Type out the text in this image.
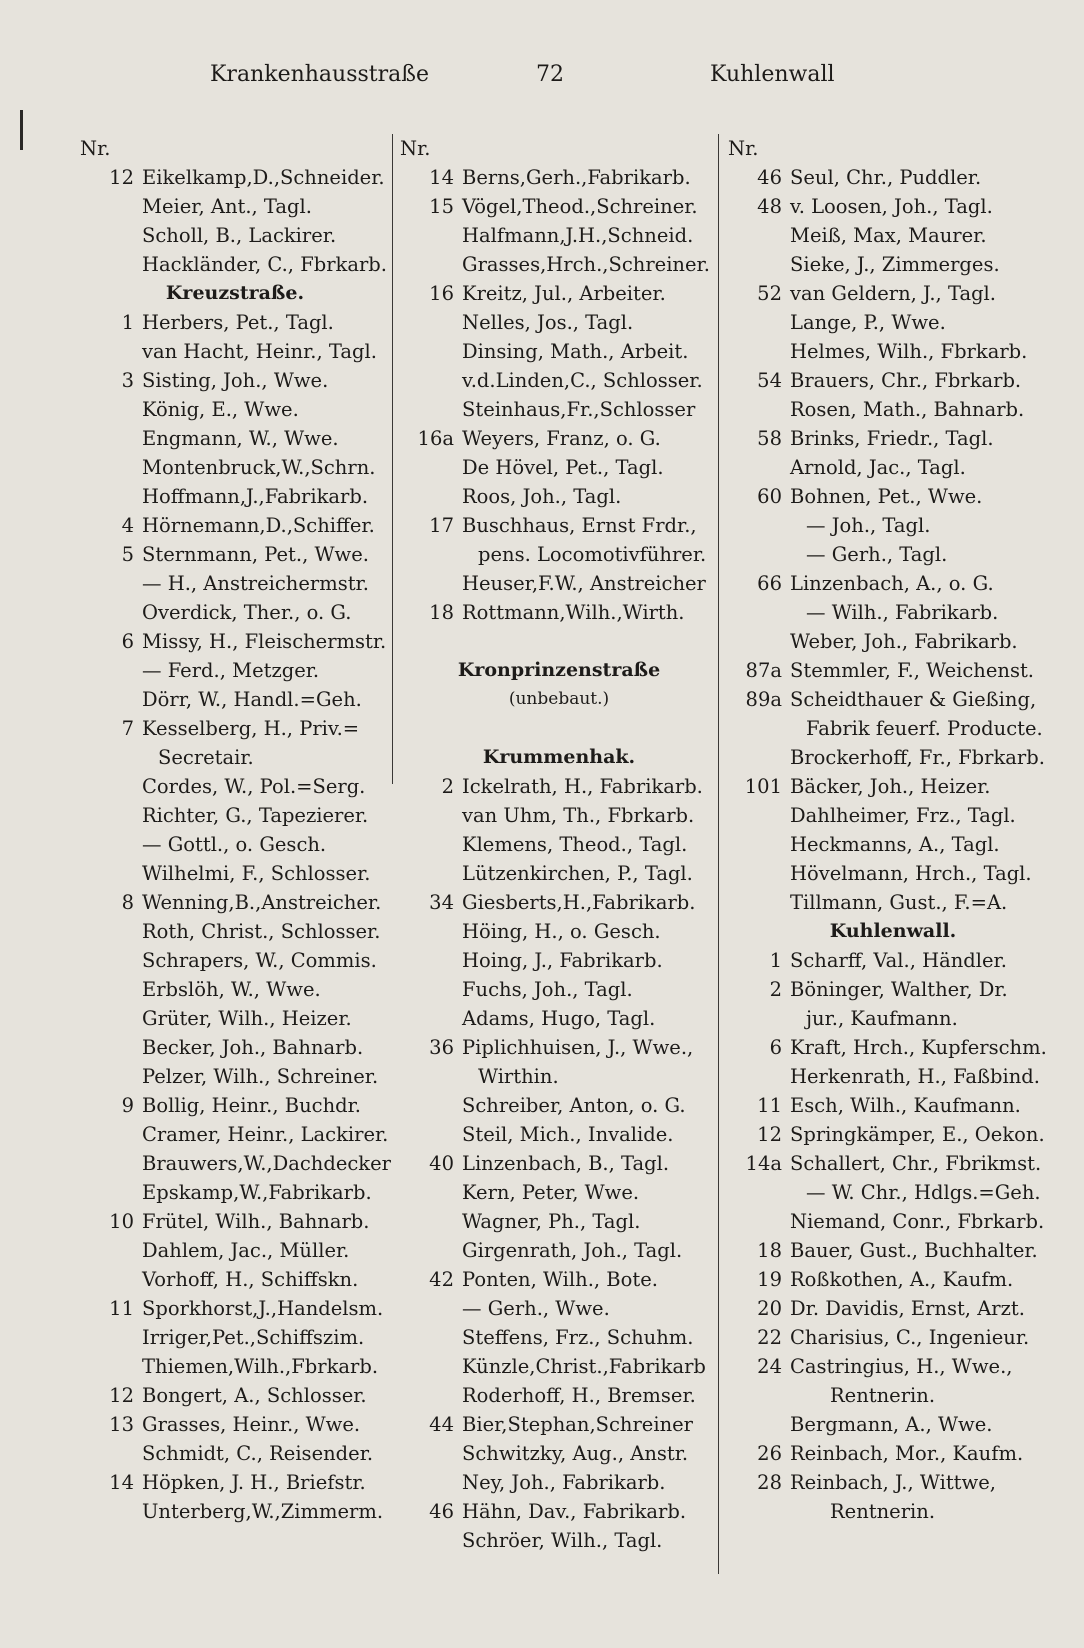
Krankenhausstraße	72	Kuhlenwall
Nr.
12 Eikelkamp,D.,Schneider.
Meier, Ant., Tagl.
Scholl, B., Lackirer.
Hackländer, C., Fbrkarb.
Kreuzstraße.
1 Herbers, Pet., Tagl.
van Hacht, Heinr., Tagl.
3 Sisting, Joh., Wwe.
König, E., Wwe.
Engmann, W., Wwe.
Montenbruck,W.,Schrn.
Hoffmann,J.,Fabrikarb.
4 Hörnemann,D.,Schiffer.
5 Sternmann, Pet., Wwe.
— H., Anstreichermstr.
Overdick, Ther., o. G.
6 Missy, H., Fleischermstr.
— Ferd., Metzger.
Dörr, W., Handl.=Geh.
7 Kesselberg, H., Priv.=
Secretair.
Cordes, W., Pol.=Serg.
Richter, G., Tapezierer.
— Gottl., o. Gesch.
Wilhelmi, F., Schlosser.
8 Wenning,B.,Anstreicher.
Roth, Christ., Schlosser.
Schrapers, W., Commis.
Erbslöh, W., Wwe.
Grüter, Wilh., Heizer.
Becker, Joh., Bahnarb.
Pelzer, Wilh., Schreiner.
9 Bollig, Heinr., Buchdr.
Cramer, Heinr., Lackirer.
Brauwers,W.,Dachdecker
Epskamp,W.,Fabrikarb.
10 Frütel, Wilh., Bahnarb.
Dahlem, Jac., Müller.
Vorhoff, H., Schiffskn.
11 Sporkhorst,J.,Handelsm.
Irriger,Pet.,Schiffszim.
Thiemen,Wilh.,Fbrkarb.
12 Bongert, A., Schlosser.
13 Grasses, Heinr., Wwe.
Schmidt, C., Reisender.
14 Höpken, J. H., Briefstr.
Unterberg,W.,Zimmerm.
Nr.
14 Berns,Gerh.,Fabrikarb.
15 Vögel,Theod.,Schreiner.
Halfmann,J.H.,Schneid.
Grasses,Hrch.,Schreiner.
16 Kreitz, Jul., Arbeiter.
Nelles, Jos., Tagl.
Dinsing, Math., Arbeit.
v.d.Linden,C., Schlosser.
Steinhaus,Fr.,Schlosser
16a Weyers, Franz, o. G.
De Hövel, Pet., Tagl.
Roos, Joh., Tagl.
17 Buschhaus, Ernst Frdr.,
pens. Locomotivführer.
Heuser,F.W., Anstreicher
18 Rottmann,Wilh.,Wirth.
Kronprinzenstraße
(unbebaut.)
Krummenhak.
2 Ickelrath, H., Fabrikarb.
van Uhm, Th., Fbrkarb.
Klemens, Theod., Tagl.
Lützenkirchen, P., Tagl.
34 Giesberts,H.,Fabrikarb.
Höing, H., o. Gesch.
Hoing, J., Fabrikarb.
Fuchs, Joh., Tagl.
Adams, Hugo, Tagl.
36 Piplichhuisen, J., Wwe.,
Wirthin.
Schreiber, Anton, o. G.
Steil, Mich., Invalide.
40 Linzenbach, B., Tagl.
Kern, Peter, Wwe.
Wagner, Ph., Tagl.
Girgenrath, Joh., Tagl.
42 Ponten, Wilh., Bote.
— Gerh., Wwe.
Steffens, Frz., Schuhm.
Künzle,Christ.,Fabrikarb
Roderhoff, H., Bremser.
44 Bier,Stephan,Schreiner
Schwitzky, Aug., Anstr.
Ney, Joh., Fabrikarb.
46 Hähn, Dav., Fabrikarb.
Schröer, Wilh., Tagl.
Nr.
46 Seul, Chr., Puddler.
48 v. Loosen, Joh., Tagl.
Meiß, Max, Maurer.
Sieke, J., Zimmerges.
52 van Geldern, J., Tagl.
Lange, P., Wwe.
Helmes, Wilh., Fbrkarb.
54 Brauers, Chr., Fbrkarb.
Rosen, Math., Bahnarb.
58 Brinks, Friedr., Tagl.
Arnold, Jac., Tagl.
60 Bohnen, Pet., Wwe.
— Joh., Tagl.
— Gerh., Tagl.
66 Linzenbach, A., o. G.
— Wilh., Fabrikarb.
Weber, Joh., Fabrikarb.
87a Stemmler, F., Weichenst.
89a Scheidthauer & Gießing,
Fabrik feuerf. Producte.
Brockerhoff, Fr., Fbrkarb.
101 Bäcker, Joh., Heizer.
Dahlheimer, Frz., Tagl.
Heckmanns, A., Tagl.
Hövelmann, Hrch., Tagl.
Tillmann, Gust., F.=A.
Kuhlenwall.
1 Scharff, Val., Händler.
2 Böninger, Walther, Dr.
jur., Kaufmann.
6 Kraft, Hrch., Kupferschm.
Herkenrath, H., Faßbind.
11 Esch, Wilh., Kaufmann.
12 Springkämper, E., Oekon.
14a Schallert, Chr., Fbrikmst.
— W. Chr., Hdlgs.=Geh.
Niemand, Conr., Fbrkarb.
18 Bauer, Gust., Buchhalter.
19 Roßkothen, A., Kaufm.
20 Dr. Davidis, Ernst, Arzt.
22 Charisius, C., Ingenieur.
24 Castringius, H., Wwe.,
Rentnerin.
Bergmann, A., Wwe.
26 Reinbach, Mor., Kaufm.
28 Reinbach, J., Wittwe,
Rentnerin.
